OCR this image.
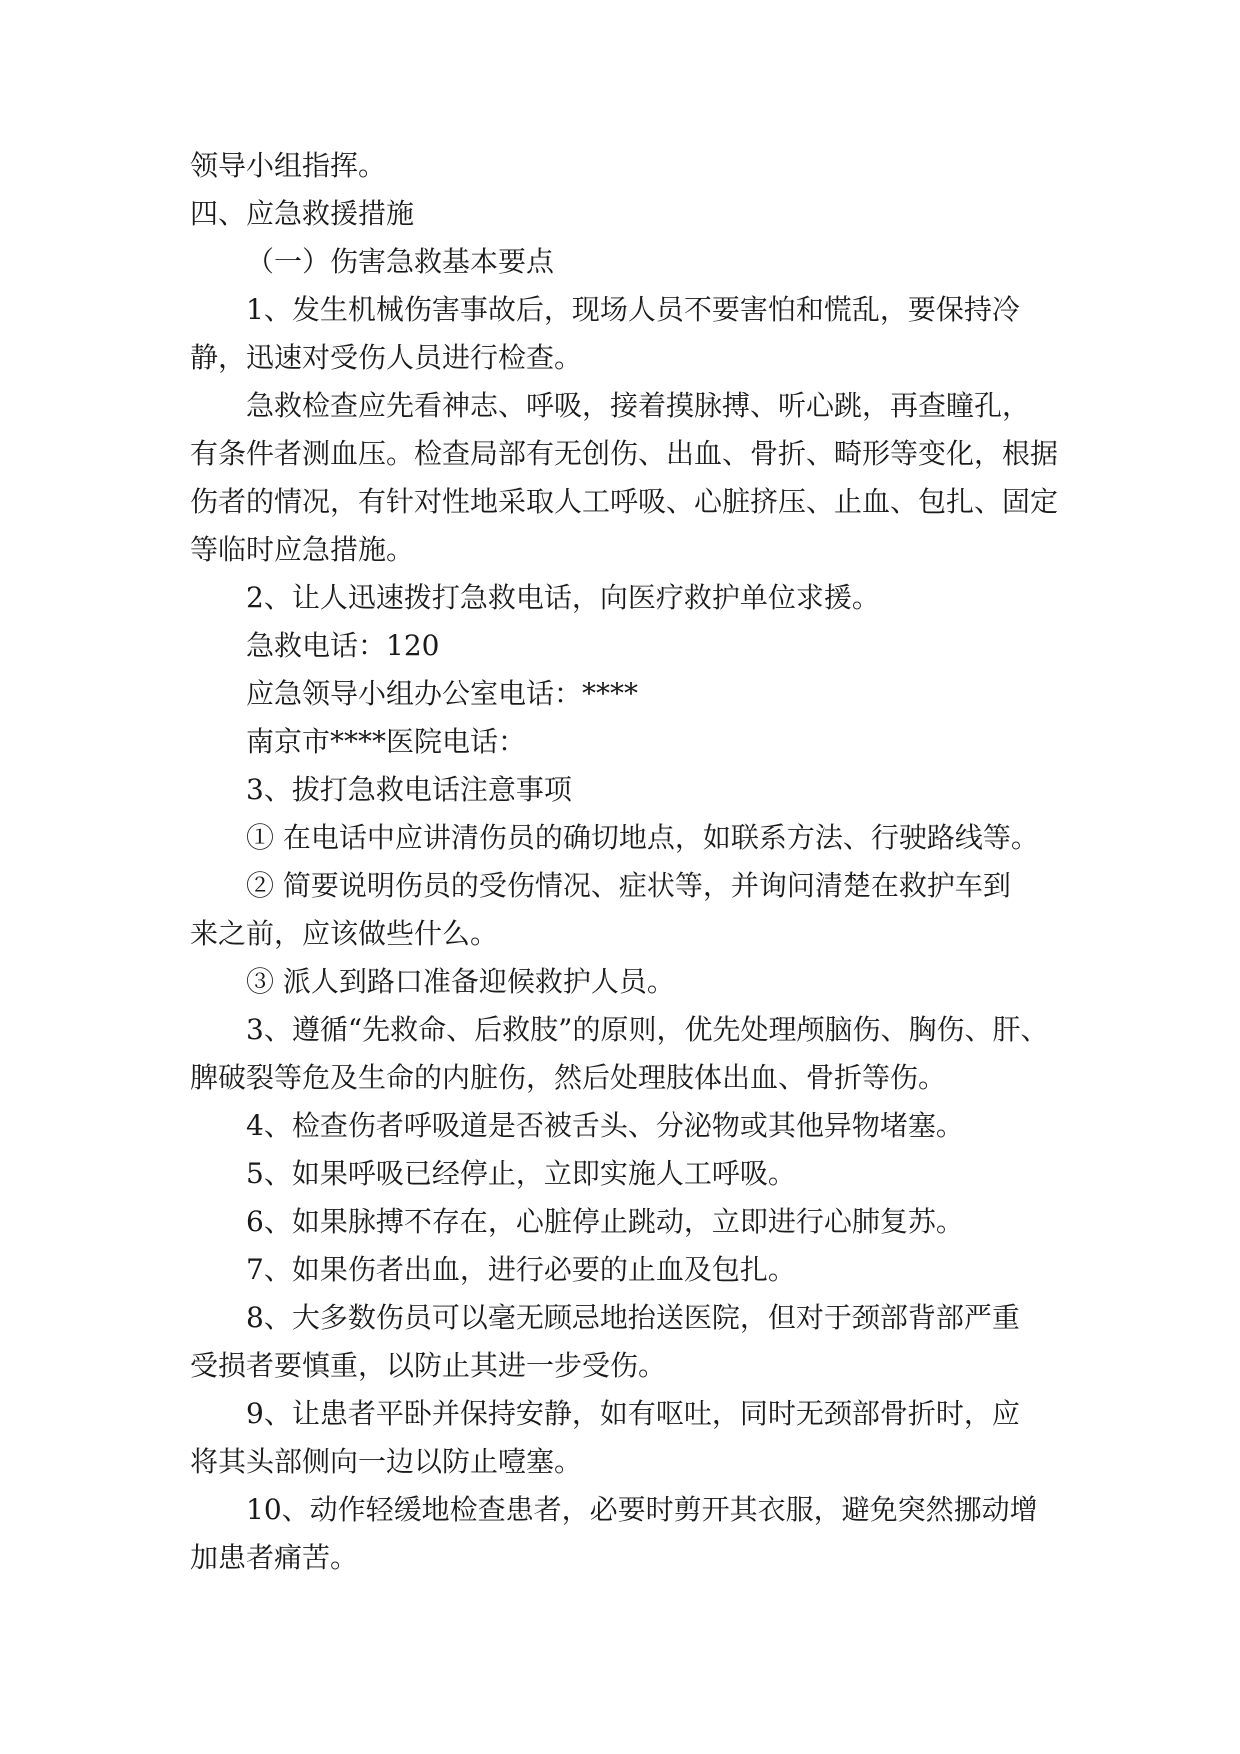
领导小组指挥。
四、应急救援措施
（一）伤害急救基本要点
1、发生机械伤害事故后，现场人员不要害怕和慌乱，要保持冷
静，迅速对受伤人员进行检查。
急救检查应先看神志、呼吸，接着摸脉搏、听心跳，再查瞳孔，
有条件者测血压。检查局部有无创伤、出血、骨折、畸形等变化，根据
伤者的情况，有针对性地采取人工呼吸、心脏挤压、止血、包扎、固定
等临时应急措施。
2、让人迅速拨打急救电话，向医疗救护单位求援。
急救电话：120
应急领导小组办公室电话：****
南京市****医院电话：
3、拔打急救电话注意事项
① 在电话中应讲清伤员的确切地点，如联系方法、行驶路线等。
② 简要说明伤员的受伤情况、症状等，并询问清楚在救护车到
来之前，应该做些什么。
③ 派人到路口准备迎候救护人员。
3、遵循“先救命、后救肢”的原则，优先处理颅脑伤、胸伤、肝、
脾破裂等危及生命的内脏伤，然后处理肢体出血、骨折等伤。
4、检查伤者呼吸道是否被舌头、分泌物或其他异物堵塞。
5、如果呼吸已经停止，立即实施人工呼吸。
6、如果脉搏不存在，心脏停止跳动，立即进行心肺复苏。
7、如果伤者出血，进行必要的止血及包扎。
8、大多数伤员可以毫无顾忌地抬送医院，但对于颈部背部严重
受损者要慎重，以防止其进一步受伤。
9、让患者平卧并保持安静，如有呕吐，同时无颈部骨折时，应
将其头部侧向一边以防止噎塞。
10、动作轻缓地检查患者，必要时剪开其衣服，避免突然挪动增
加患者痛苦。
